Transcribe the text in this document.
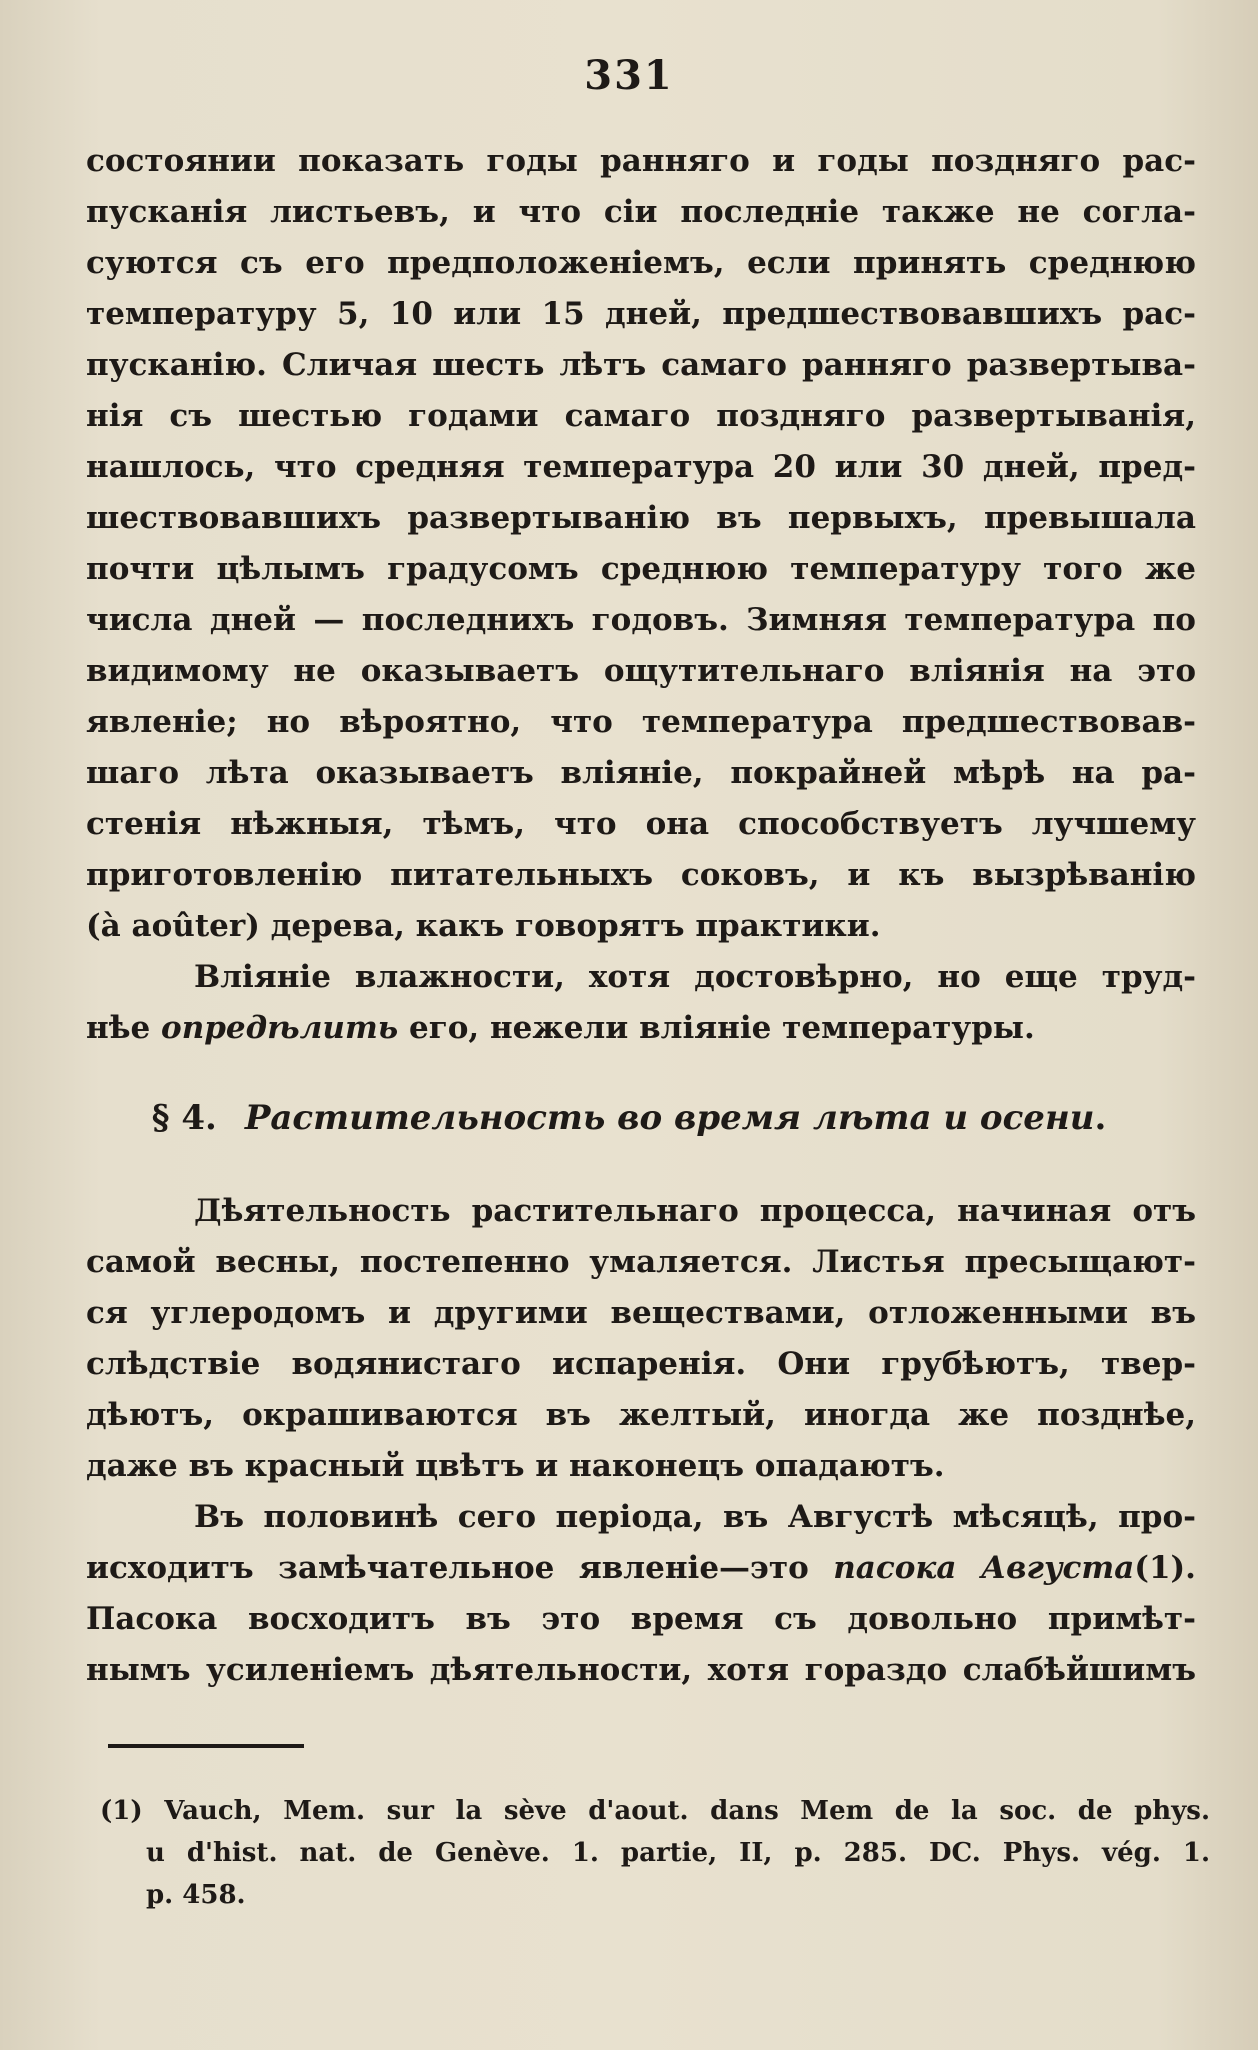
331
состоянии показать годы ранняго и годы поздняго рас-
пусканія листьевъ, и что сіи последніе также не согла-
суются съ его предположеніемъ, если принять среднюю
температуру 5, 10 или 15 дней, предшествовавшихъ рас-
пусканію. Сличая шесть лѣтъ самаго ранняго развертыва-
нія съ шестью годами самаго поздняго развертыванія,
нашлось, что средняя температура 20 или 30 дней, пред-
шествовавшихъ развертыванію въ первыхъ, превышала
почти цѣлымъ градусомъ среднюю температуру того же
числа дней — последнихъ годовъ. Зимняя температура по
видимому не оказываетъ ощутительнаго вліянія на это
явленіе; но вѣроятно, что температура предшествовав-
шаго лѣта оказываетъ вліяніе, покрайней мѣрѣ на ра-
стенія нѣжныя, тѣмъ, что она способствуетъ лучшему
приготовленію питательныхъ соковъ, и къ вызрѣванію
(à aoûter) дерева, какъ говорятъ практики.
Вліяніе влажности, хотя достовѣрно, но еще труд-
нѣе опредѣлить его, нежели вліяніе температуры.
§ 4. Растительность во время лѣта и осени.
Дѣятельность растительнаго процесса, начиная отъ
самой весны, постепенно умаляется. Листья пресыщают-
ся углеродомъ и другими веществами, отложенными въ
слѣдствіе водянистаго испаренія. Они грубѣютъ, твер-
дѣютъ, окрашиваются въ желтый, иногда же позднѣе,
даже въ красный цвѣтъ и наконецъ опадаютъ.
Въ половинѣ сего періода, въ Августѣ мѣсяцѣ, про-
исходитъ замѣчательное явленіе—это пасока Августа(1).
Пасока восходитъ въ это время съ довольно примѣт-
нымъ усиленіемъ дѣятельности, хотя гораздо слабѣйшимъ
(1) Vauch, Mem. sur la sève d'aout. dans Mem de la soc. de phys.
u d'hist. nat. de Genève. 1. partie, II, p. 285. DC. Phys. vég. 1.
p. 458.
